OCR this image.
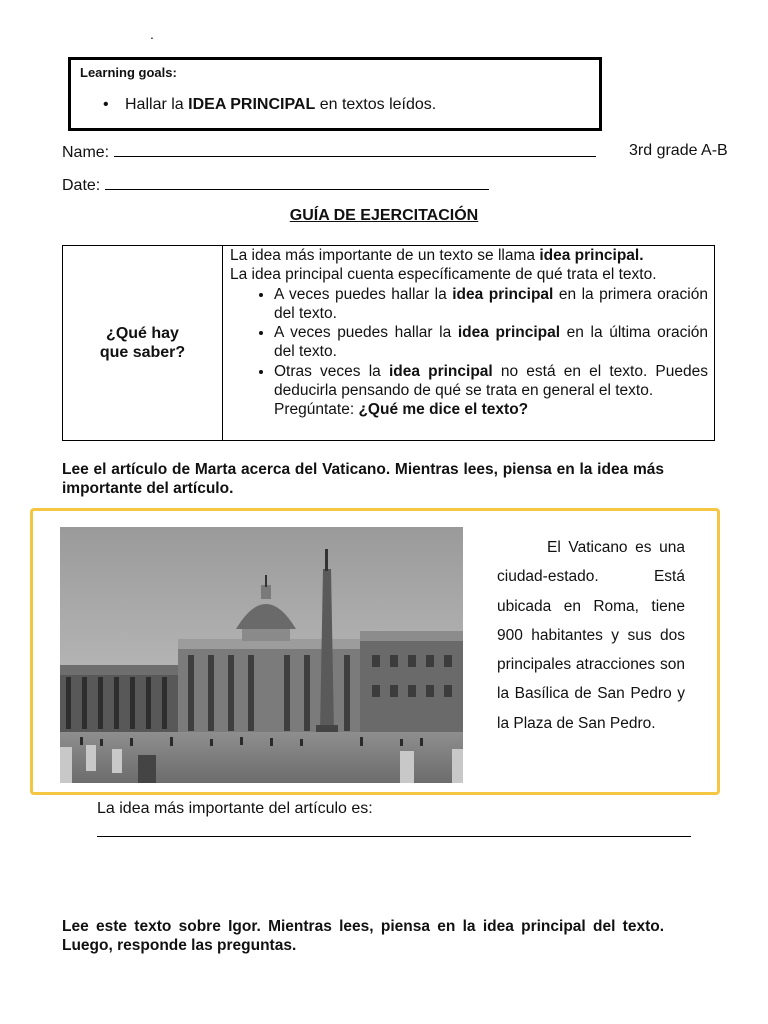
.
Learning goals:
• Hallar la IDEA PRINCIPAL en textos leídos.
Name:	3rd grade A-B
Date:
GUÍA DE EJERCITACIÓN
¿Qué hay que saber?
La idea más importante de un texto se llama idea principal.
La idea principal cuenta específicamente de qué trata el texto.
• A veces puedes hallar la idea principal en la primera oración del texto.
• A veces puedes hallar la idea principal en la última oración del texto.
• Otras veces la idea principal no está en el texto. Puedes deducirla pensando de qué se trata en general el texto.
Pregúntate: ¿Qué me dice el texto?
Lee el artículo de Marta acerca del Vaticano. Mientras lees, piensa en la idea más importante del artículo.
El Vaticano es una ciudad-estado. Está ubicada en Roma, tiene 900 habitantes y sus dos principales atracciones son la Basílica de San Pedro y la Plaza de San Pedro.
La idea más importante del artículo es:
Lee este texto sobre Igor. Mientras lees, piensa en la idea principal del texto. Luego, responde las preguntas.
